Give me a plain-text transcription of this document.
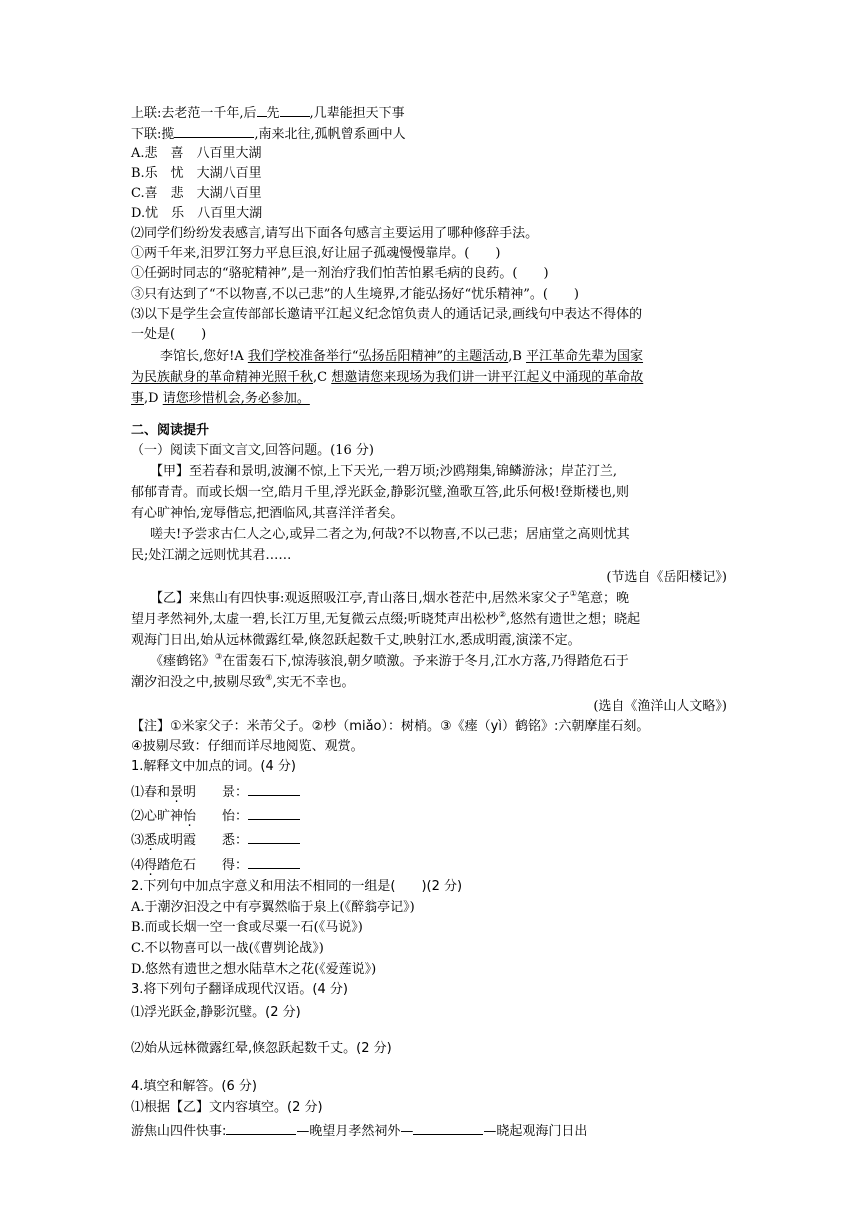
上联:去老范一千年,后 先 ,几辈能担天下事
下联:揽	,南来北往,孤帆曾系画中人
A.悲　喜　八百里大湖
B.乐　忧　大湖八百里
C.喜　悲　大湖八百里
D.忧　乐　八百里大湖
⑵同学们纷纷发表感言,请写出下面各句感言主要运用了哪种修辞手法。
①两千年来,汨罗江努力平息巨浪,好让屈子孤魂慢慢靠岸。(　　)
①任弼时同志的“骆驼精神”,是一剂治疗我们怕苦怕累毛病的良药。(　　)
③只有达到了“不以物喜,不以己悲”的人生境界,才能弘扬好“忧乐精神”。(　　)
⑶以下是学生会宣传部部长邀请平江起义纪念馆负责人的通话记录,画线句中表达不得体的
一处是(　　)
李馆长,您好!A 我们学校准备举行“弘扬岳阳精神”的主题活动,B 平江革命先辈为国家
为民族献身的革命精神光照千秋,C 想邀请您来现场为我们讲一讲平江起义中涌现的革命故
事,D 请您珍惜机会,务必参加。
二、阅读提升
（一）阅读下面文言文,回答问题。(16 分)
【甲】至若春和景明,波澜不惊,上下天光,一碧万顷;沙鸥翔集,锦鳞游泳；岸芷汀兰,
郁郁青青。而或长烟一空,皓月千里,浮光跃金,静影沉璧,渔歌互答,此乐何极!登斯楼也,则
有心旷神怡,宠辱偕忘,把酒临风,其喜洋洋者矣。
嗟夫!予尝求古仁人之心,或异二者之为,何哉?不以物喜,不以己悲；居庙堂之高则忧其
民;处江湖之远则忧其君……
(节选自《岳阳楼记》)
【乙】来焦山有四快事:观返照吸江亭,青山落日,烟水苍茫中,居然米家父子①笔意；晚
望月孝然祠外,太虚一碧,长江万里,无复微云点缀;听晓梵声出松杪②,悠然有遗世之想；晓起
观海门日出,始从远林微露红晕,倏忽跃起数千丈,映射江水,悉成明霞,演漾不定。
《瘗鹤铭》③在雷轰石下,惊涛骇浪,朝夕喷激。予来游于冬月,江水方落,乃得踏危石于
潮汐汩没之中,披剔尽致④,实无不幸也。
(选自《渔洋山人文略》)
【注】①米家父子：米芾父子。②杪（miǎo）：树梢。③《瘗（yì）鹤铭》:六朝摩崖石刻。
④披剔尽致：仔细而详尽地阅览、观赏。
1.解释文中加点的词。(4 分)
⑴春和景明　　景：
⑵心旷神怡　　怡：
⑶悉成明霞　　悉：
⑷得踏危石　　得：
2.下列句中加点字意义和用法不相同的一组是(　　)(2 分)
A.于潮汐汩没之中有亭翼然临于泉上(《醉翁亭记》)
B.而或长烟一空一食或尽粟一石(《马说》)
C.不以物喜可以一战(《曹刿论战》)
D.悠然有遗世之想水陆草木之花(《爱莲说》)
3.将下列句子翻译成现代汉语。(4 分)
⑴浮光跃金,静影沉璧。(2 分)
⑵始从远林微露红晕,倏忽跃起数千丈。(2 分)
4.填空和解答。(6 分)
⑴根据【乙】文内容填空。(2 分)
游焦山四件快事:	—晚望月孝然祠外—	—晓起观海门日出
